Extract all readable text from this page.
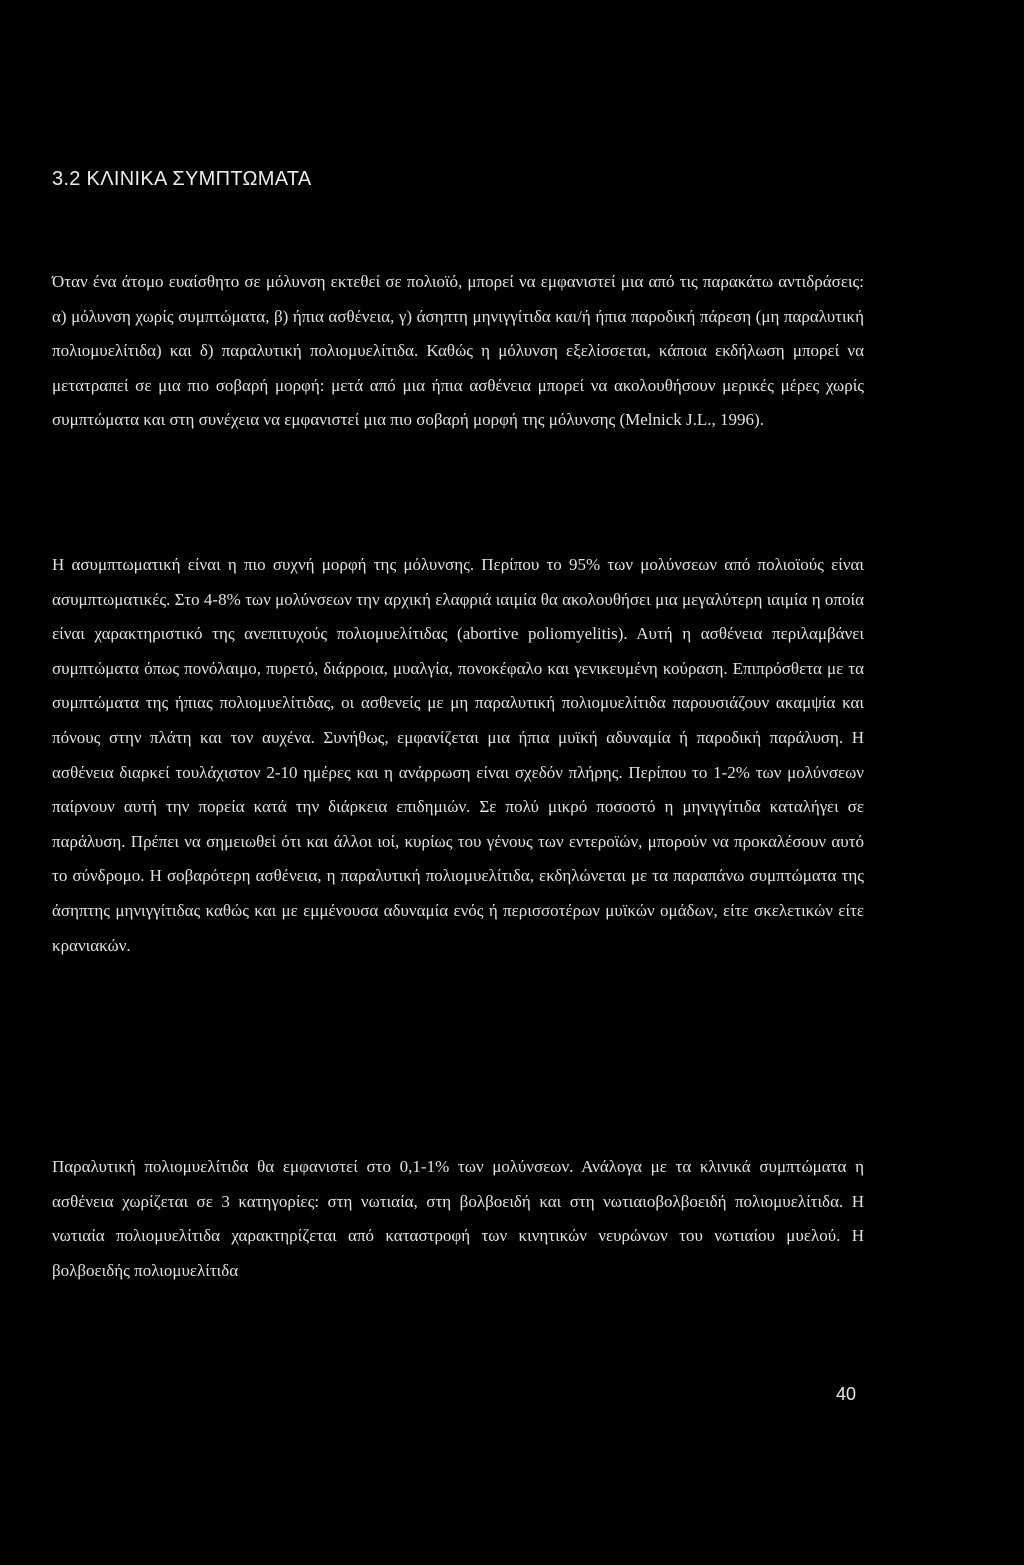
3.2 ΚΛΙΝΙΚΑ ΣΥΜΠΤΩΜΑΤΑ

Όταν ένα άτομο ευαίσθητο σε μόλυνση εκτεθεί σε πολιοϊό, μπορεί να εμφανιστεί μια από τις παρακάτω αντιδράσεις: α) μόλυνση χωρίς συμπτώματα, β) ήπια ασθένεια, γ) άσηπτη μηνιγγίτιδα και/ή ήπια παροδική πάρεση (μη παραλυτική πολιομυελίτιδα) και δ) παραλυτική πολιομυελίτιδα. Καθώς η μόλυνση εξελίσσεται, κάποια εκδήλωση μπορεί να μετατραπεί σε μια πιο σοβαρή μορφή: μετά από μια ήπια ασθένεια μπορεί να ακολουθήσουν μερικές μέρες χωρίς συμπτώματα και στη συνέχεια να εμφανιστεί μια πιο σοβαρή μορφή της μόλυνσης (Melnick J.L., 1996).

Η ασυμπτωματική είναι η πιο συχνή μορφή της μόλυνσης. Περίπου το 95% των μολύνσεων από πολιοϊούς είναι ασυμπτωματικές. Στο 4-8% των μολύνσεων την αρχική ελαφριά ιαιμία θα ακολουθήσει μια μεγαλύτερη ιαιμία η οποία είναι χαρακτηριστικό της ανεπιτυχούς πολιομυελίτιδας (abortive poliomyelitis). Αυτή η ασθένεια περιλαμβάνει συμπτώματα όπως πονόλαιμο, πυρετό, διάρροια, μυαλγία, πονοκέφαλο και γενικευμένη κούραση. Επιπρόσθετα με τα συμπτώματα της ήπιας πολιομυελίτιδας, οι ασθενείς με μη παραλυτική πολιομυελίτιδα παρουσιάζουν ακαμψία και πόνους στην πλάτη και τον αυχένα. Συνήθως, εμφανίζεται μια ήπια μυϊκή αδυναμία ή παροδική παράλυση. Η ασθένεια διαρκεί τουλάχιστον 2-10 ημέρες και η ανάρρωση είναι σχεδόν πλήρης. Περίπου το 1-2% των μολύνσεων παίρνουν αυτή την πορεία κατά την διάρκεια επιδημιών. Σε πολύ μικρό ποσοστό η μηνιγγίτιδα καταλήγει σε παράλυση. Πρέπει να σημειωθεί ότι και άλλοι ιοί, κυρίως του γένους των εντεροϊών, μπορούν να προκαλέσουν αυτό το σύνδρομο. Η σοβαρότερη ασθένεια, η παραλυτική πολιομυελίτιδα, εκδηλώνεται με τα παραπάνω συμπτώματα της άσηπτης μηνιγγίτιδας καθώς και με εμμένουσα αδυναμία ενός ή περισσοτέρων μυϊκών ομάδων, είτε σκελετικών είτε κρανιακών.

Παραλυτική πολιομυελίτιδα θα εμφανιστεί στο 0,1-1% των μολύνσεων. Ανάλογα με τα κλινικά συμπτώματα η ασθένεια χωρίζεται σε 3 κατηγορίες: στη νωτιαία, στη βολβοειδή και στη νωτιαιοβολβοειδή πολιομυελίτιδα. Η νωτιαία πολιομυελίτιδα χαρακτηρίζεται από καταστροφή των κινητικών νευρώνων του νωτιαίου μυελού. Η βολβοειδής πολιομυελίτιδα

40
